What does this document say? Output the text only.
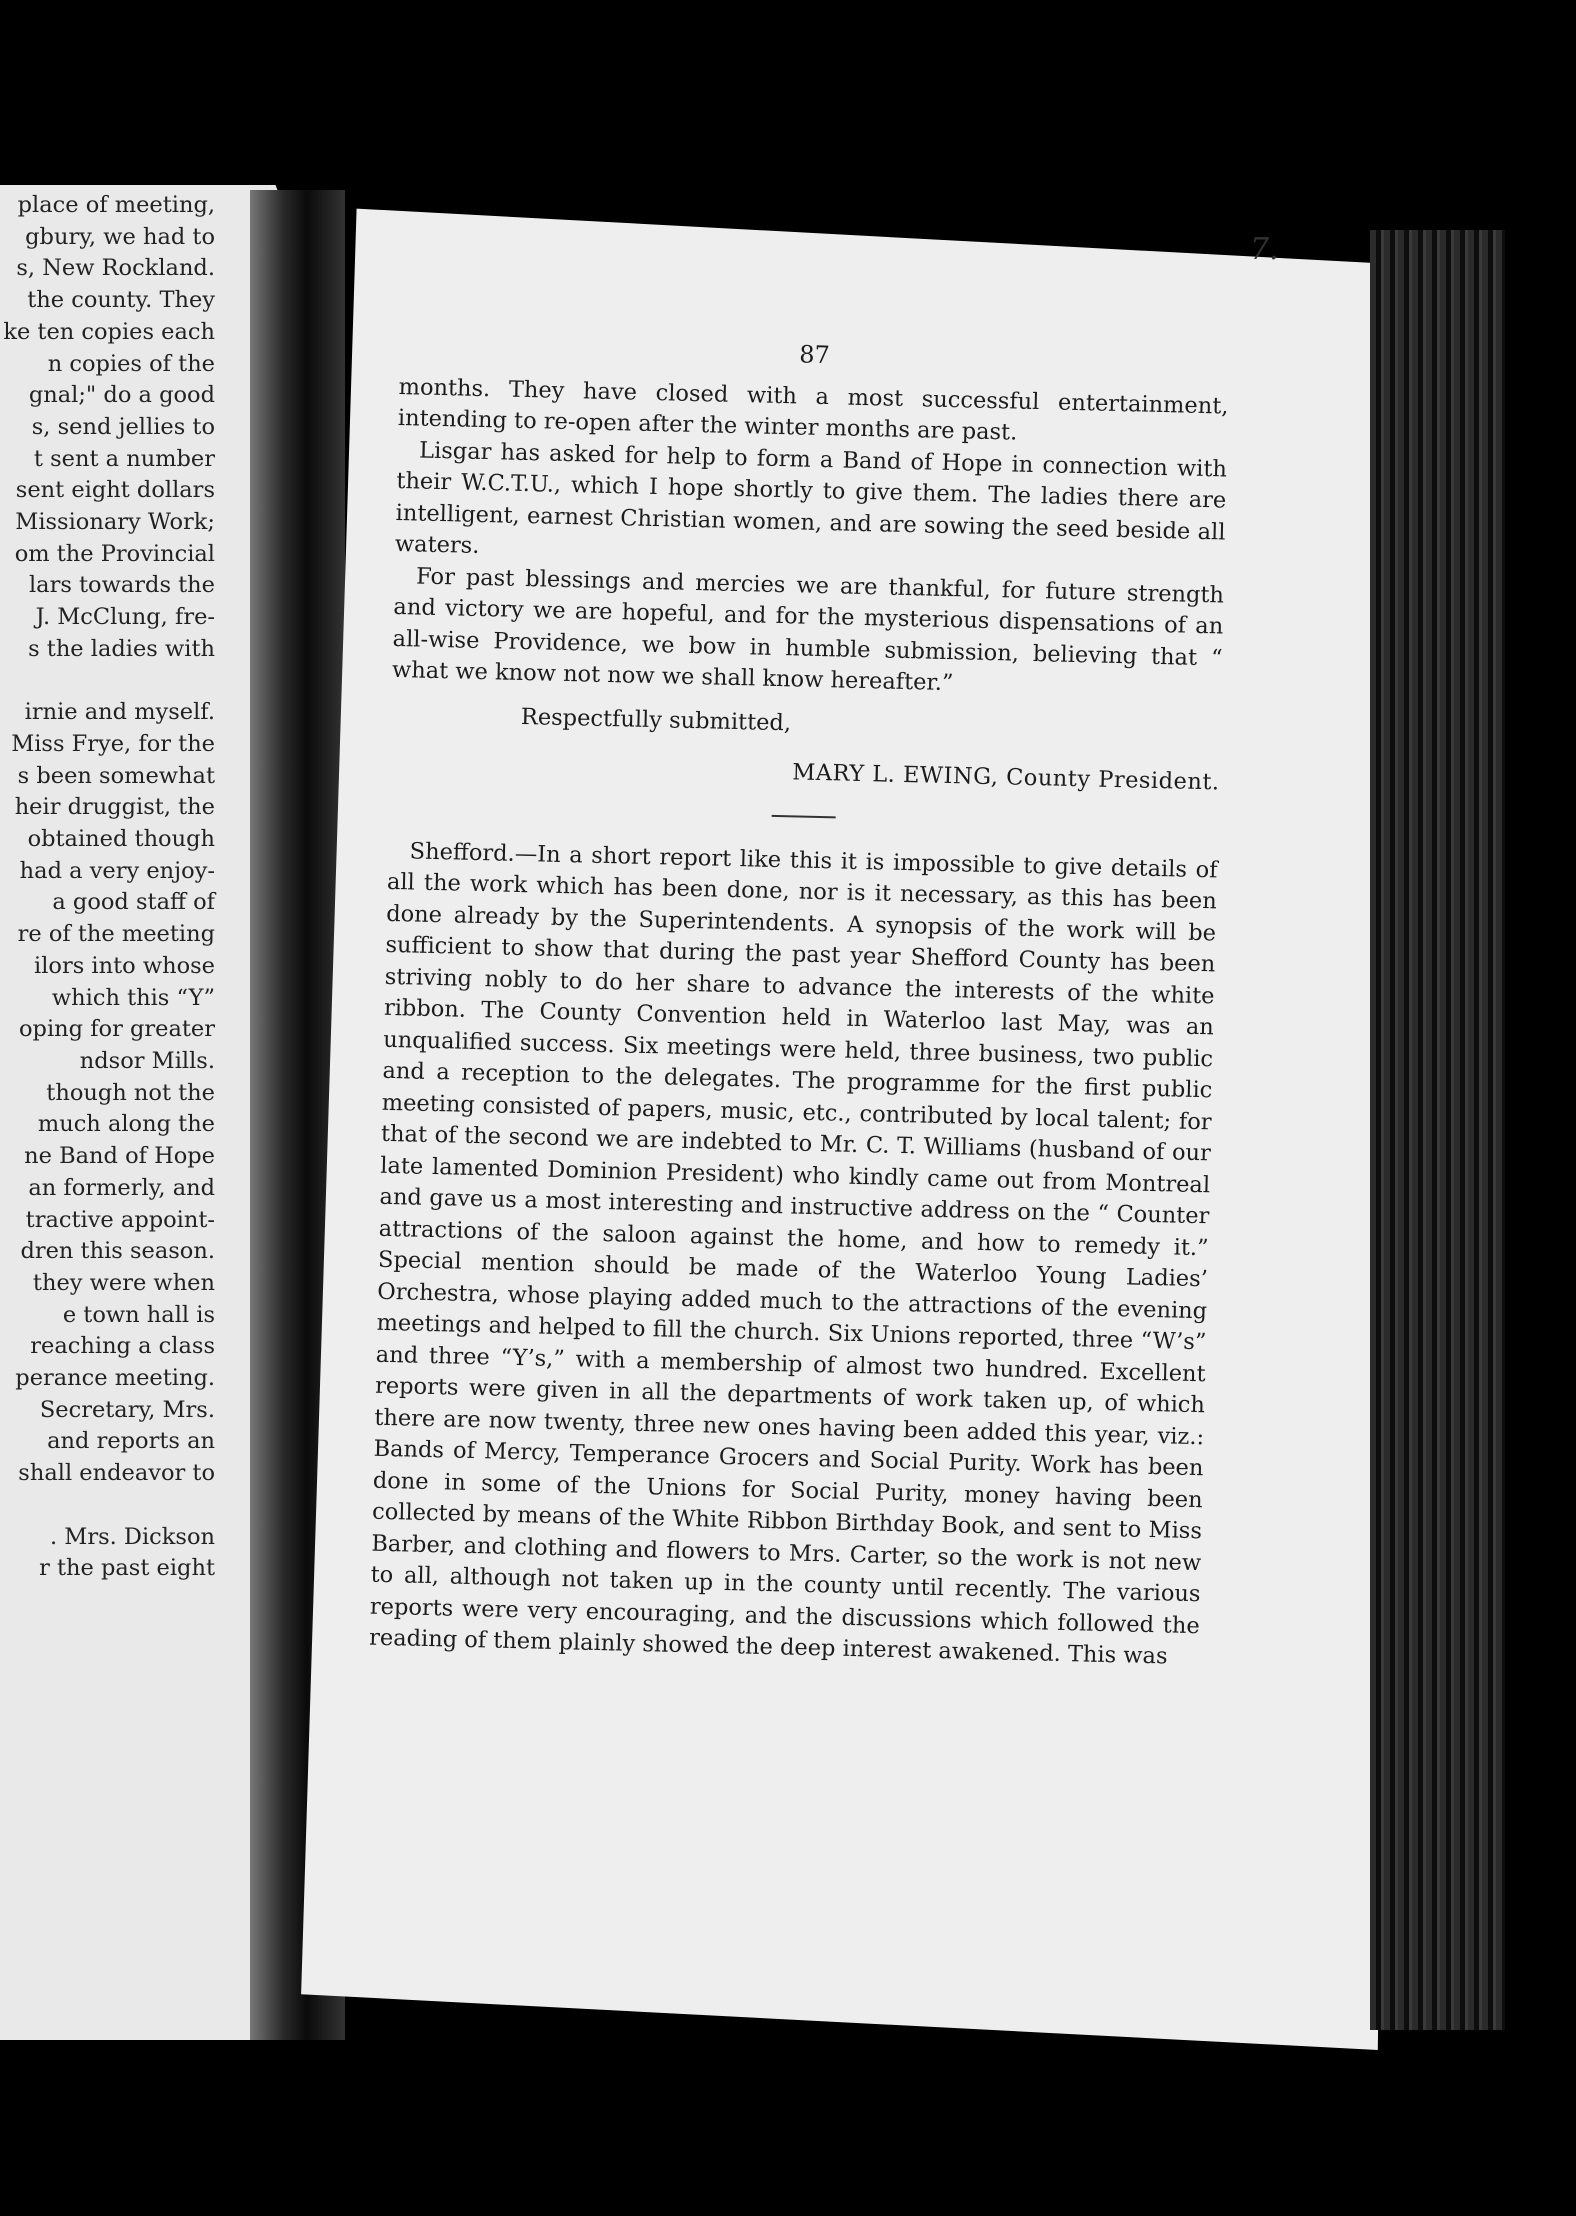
place of meeting,
gbury, we had to
s, New Rockland.
the county. They
ke ten copies each
n copies of the
gnal;" do a good
s, send jellies to
t sent a number
sent eight dollars
Missionary Work;
om the Provincial
lars towards the
J. McClung, fre-
s the ladies with

irnie and myself.
Miss Frye, for the
s been somewhat
heir druggist, the
obtained though
had a very enjoy-
a good staff of
re of the meeting
ilors into whose
which this “Y”
oping for greater
ndsor Mills.
though not the
much along the
ne Band of Hope
an formerly, and
tractive appoint-
dren this season.
they were when
e town hall is
reaching a class
perance meeting.
Secretary, Mrs.
and reports an
shall endeavor to

. Mrs. Dickson
r the past eight
7.
87

months. They have closed with a most successful entertainment, intending to re-open after the winter months are past.

Lisgar has asked for help to form a Band of Hope in connection with their W.C.T.U., which I hope shortly to give them. The ladies there are intelligent, earnest Christian women, and are sowing the seed beside all waters.

For past blessings and mercies we are thankful, for future strength and victory we are hopeful, and for the mysterious dispensations of an all-wise Providence, we bow in humble submission, believing that “ what we know not now we shall know hereafter.”

Respectfully submitted,

MARY L. EWING, County President.

Shefford.—In a short report like this it is impossible to give details of all the work which has been done, nor is it necessary, as this has been done already by the Superintendents. A synopsis of the work will be sufficient to show that during the past year Shefford County has been striving nobly to do her share to advance the interests of the white ribbon. The County Convention held in Waterloo last May, was an unqualified success. Six meetings were held, three business, two public and a reception to the delegates. The programme for the first public meeting consisted of papers, music, etc., contributed by local talent; for that of the second we are indebted to Mr. C. T. Williams (husband of our late lamented Dominion President) who kindly came out from Montreal and gave us a most interesting and instructive address on the “ Counter attractions of the saloon against the home, and how to remedy it.” Special mention should be made of the Waterloo Young Ladies’ Orchestra, whose playing added much to the attractions of the evening meetings and helped to fill the church. Six Unions reported, three “W’s” and three “Y’s,” with a membership of almost two hundred. Excellent reports were given in all the departments of work taken up, of which there are now twenty, three new ones having been added this year, viz.: Bands of Mercy, Temperance Grocers and Social Purity. Work has been done in some of the Unions for Social Purity, money having been collected by means of the White Ribbon Birthday Book, and sent to Miss Barber, and clothing and flowers to Mrs. Carter, so the work is not new to all, although not taken up in the county until recently. The various reports were very encouraging, and the discussions which followed the reading of them plainly showed the deep interest awakened. This was
